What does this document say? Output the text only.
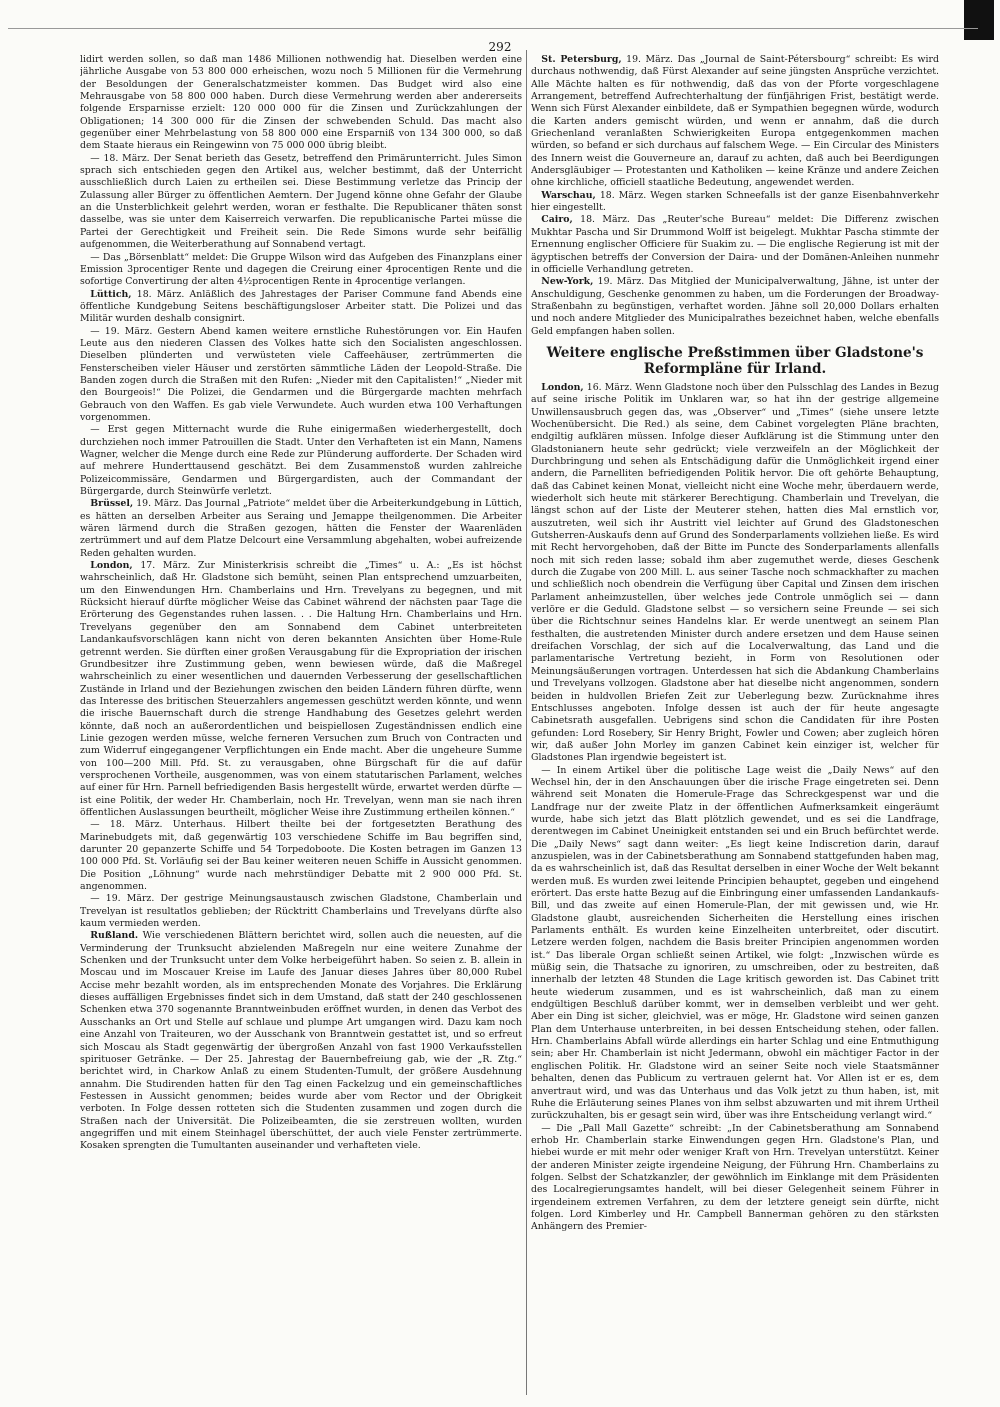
292

lidirt werden sollen, so daß man 1486 Millionen nothwendig hat. Dieselben werden eine jährliche Ausgabe von 53 800 000 erheischen, wozu noch 5 Millionen für die Vermehrung der Besoldungen der Generalschatzmeister kommen. Das Budget wird also eine Mehrausgabe von 58 800 000 haben. Durch diese Vermehrung werden aber andererseits folgende Ersparnisse erzielt: 120 000 000 für die Zinsen und Zurückzahlungen der Obligationen; 14 300 000 für die Zinsen der schwebenden Schuld. Das macht also gegenüber einer Mehrbelastung von 58 800 000 eine Ersparniß von 134 300 000, so daß dem Staate hieraus ein Reingewinn von 75 000 000 übrig bleibt.

— 18. März. Der Senat berieth das Gesetz, betreffend den Primärunterricht. Jules Simon sprach sich entschieden gegen den Artikel aus, welcher bestimmt, daß der Unterricht ausschließlich durch Laien zu ertheilen sei. Diese Bestimmung verletze das Princip der Zulassung aller Bürger zu öffentlichen Aemtern. Der Jugend könne ohne Gefahr der Glaube an die Unsterblichkeit gelehrt werden, woran er festhalte. Die Republicaner thäten sonst dasselbe, was sie unter dem Kaiserreich verwarfen. Die republicanische Partei müsse die Partei der Gerechtigkeit und Freiheit sein. Die Rede Simons wurde sehr beifällig aufgenommen, die Weiterberathung auf Sonnabend vertagt.

— Das „Börsenblatt“ meldet: Die Gruppe Wilson wird das Aufgeben des Finanzplans einer Emission 3procentiger Rente und dagegen die Creirung einer 4procentigen Rente und die sofortige Convertirung der alten 4½procentigen Rente in 4procentige verlangen.

Lüttich, 18. März. Anläßlich des Jahrestages der Pariser Commune fand Abends eine öffentliche Kundgebung Seitens beschäftigungsloser Arbeiter statt. Die Polizei und das Militär wurden deshalb consignirt.

— 19. März. Gestern Abend kamen weitere ernstliche Ruhestörungen vor. Ein Haufen Leute aus den niederen Classen des Volkes hatte sich den Socialisten angeschlossen. Dieselben plünderten und verwüsteten viele Caffeehäuser, zertrümmerten die Fensterscheiben vieler Häuser und zerstörten sämmtliche Läden der Leopold-Straße. Die Banden zogen durch die Straßen mit den Rufen: „Nieder mit den Capitalisten!“ „Nieder mit den Bourgeois!“ Die Polizei, die Gendarmen und die Bürgergarde machten mehrfach Gebrauch von den Waffen. Es gab viele Verwundete. Auch wurden etwa 100 Verhaftungen vorgenommen.

— Erst gegen Mitternacht wurde die Ruhe einigermaßen wiederhergestellt, doch durchziehen noch immer Patrouillen die Stadt. Unter den Verhafteten ist ein Mann, Namens Wagner, welcher die Menge durch eine Rede zur Plünderung aufforderte. Der Schaden wird auf mehrere Hunderttausend geschätzt. Bei dem Zusammenstoß wurden zahlreiche Polizeicommissäre, Gendarmen und Bürgergardisten, auch der Commandant der Bürgergarde, durch Steinwürfe verletzt.

Brüssel, 19. März. Das Journal „Patriote“ meldet über die Arbeiterkundgebung in Lüttich, es hätten an derselben Arbeiter aus Seraing und Jemappe theilgenommen. Die Arbeiter wären lärmend durch die Straßen gezogen, hätten die Fenster der Waarenläden zertrümmert und auf dem Platze Delcourt eine Versammlung abgehalten, wobei aufreizende Reden gehalten wurden.

London, 17. März. Zur Ministerkrisis schreibt die „Times“ u. A.: „Es ist höchst wahrscheinlich, daß Hr. Gladstone sich bemüht, seinen Plan entsprechend umzuarbeiten, um den Einwendungen Hrn. Chamberlains und Hrn. Trevelyans zu begegnen, und mit Rücksicht hierauf dürfte möglicher Weise das Cabinet während der nächsten paar Tage die Erörterung des Gegenstandes ruhen lassen. . . Die Haltung Hrn. Chamberlains und Hrn. Trevelyans gegenüber den am Sonnabend dem Cabinet unterbreiteten Landankaufsvorschlägen kann nicht von deren bekannten Ansichten über Home-Rule getrennt werden. Sie dürften einer großen Verausgabung für die Expropriation der irischen Grundbesitzer ihre Zustimmung geben, wenn bewiesen würde, daß die Maßregel wahrscheinlich zu einer wesentlichen und dauernden Verbesserung der gesellschaftlichen Zustände in Irland und der Beziehungen zwischen den beiden Ländern führen dürfte, wenn das Interesse des britischen Steuerzahlers angemessen geschützt werden könnte, und wenn die irische Bauernschaft durch die strenge Handhabung des Gesetzes gelehrt werden könnte, daß noch an außerordentlichen und beispiellosen Zugeständnissen endlich eine Linie gezogen werden müsse, welche ferneren Versuchen zum Bruch von Contracten und zum Widerruf eingegangener Verpflichtungen ein Ende macht. Aber die ungeheure Summe von 100—200 Mill. Pfd. St. zu verausgaben, ohne Bürgschaft für die auf dafür versprochenen Vortheile, ausgenommen, was von einem statutarischen Parlament, welches auf einer für Hrn. Parnell befriedigenden Basis hergestellt würde, erwartet werden dürfte — ist eine Politik, der weder Hr. Chamberlain, noch Hr. Trevelyan, wenn man sie nach ihren öffentlichen Auslassungen beurtheilt, möglicher Weise ihre Zustimmung ertheilen können.“

— 18. März. Unterhaus. Hilbert theilte bei der fortgesetzten Berathung des Marinebudgets mit, daß gegenwärtig 103 verschiedene Schiffe im Bau begriffen sind, darunter 20 gepanzerte Schiffe und 54 Torpedoboote. Die Kosten betragen im Ganzen 13 100 000 Pfd. St. Vorläufig sei der Bau keiner weiteren neuen Schiffe in Aussicht genommen. Die Position „Löhnung“ wurde nach mehrstündiger Debatte mit 2 900 000 Pfd. St. angenommen.

— 19. März. Der gestrige Meinungsaustausch zwischen Gladstone, Chamberlain und Trevelyan ist resultatlos geblieben; der Rücktritt Chamberlains und Trevelyans dürfte also kaum vermieden werden.

Rußland. Wie verschiedenen Blättern berichtet wird, sollen auch die neuesten, auf die Verminderung der Trunksucht abzielenden Maßregeln nur eine weitere Zunahme der Schenken und der Trunksucht unter dem Volke herbeigeführt haben. So seien z. B. allein in Moscau und im Moscauer Kreise im Laufe des Januar dieses Jahres über 80,000 Rubel Accise mehr bezahlt worden, als im entsprechenden Monate des Vorjahres. Die Erklärung dieses auffälligen Ergebnisses findet sich in dem Umstand, daß statt der 240 geschlossenen Schenken etwa 370 sogenannte Branntweinbuden eröffnet wurden, in denen das Verbot des Ausschanks an Ort und Stelle auf schlaue und plumpe Art umgangen wird. Dazu kam noch eine Anzahl von Traiteuren, wo der Ausschank von Branntwein gestattet ist, und so erfreut sich Moscau als Stadt gegenwärtig der übergroßen Anzahl von fast 1900 Verkaufsstellen spirituoser Getränke. — Der 25. Jahrestag der Bauernbefreiung gab, wie der „R. Ztg.“ berichtet wird, in Charkow Anlaß zu einem Studenten-Tumult, der größere Ausdehnung annahm. Die Studirenden hatten für den Tag einen Fackelzug und ein gemeinschaftliches Festessen in Aussicht genommen; beides wurde aber vom Rector und der Obrigkeit verboten. In Folge dessen rotteten sich die Studenten zusammen und zogen durch die Straßen nach der Universität. Die Polizeibeamten, die sie zerstreuen wollten, wurden angegriffen und mit einem Steinhagel überschüttet, der auch viele Fenster zertrümmerte. Kosaken sprengten die Tumultanten auseinander und verhafteten viele.

St. Petersburg, 19. März. Das „Journal de Saint-Pétersbourg“ schreibt: Es wird durchaus nothwendig, daß Fürst Alexander auf seine jüngsten Ansprüche verzichtet. Alle Mächte halten es für nothwendig, daß das von der Pforte vorgeschlagene Arrangement, betreffend Aufrechterhaltung der fünfjährigen Frist, bestätigt werde. Wenn sich Fürst Alexander einbildete, daß er Sympathien begegnen würde, wodurch die Karten anders gemischt würden, und wenn er annahm, daß die durch Griechenland veranlaßten Schwierigkeiten Europa entgegenkommen machen würden, so befand er sich durchaus auf falschem Wege. — Ein Circular des Ministers des Innern weist die Gouverneure an, darauf zu achten, daß auch bei Beerdigungen Andersgläubiger — Protestanten und Katholiken — keine Kränze und andere Zeichen ohne kirchliche, officiell staatliche Bedeutung, angewendet werden.

Warschau, 18. März. Wegen starken Schneefalls ist der ganze Eisenbahnverkehr hier eingestellt.

Cairo, 18. März. Das „Reuter'sche Bureau“ meldet: Die Differenz zwischen Mukhtar Pascha und Sir Drummond Wolff ist beigelegt. Mukhtar Pascha stimmte der Ernennung englischer Officiere für Suakim zu. — Die englische Regierung ist mit der ägyptischen betreffs der Conversion der Daira- und der Domänen-Anleihen nunmehr in officielle Verhandlung getreten.

New-York, 19. März. Das Mitglied der Municipalverwaltung, Jähne, ist unter der Anschuldigung, Geschenke genommen zu haben, um die Forderungen der Broadway-Straßenbahn zu begünstigen, verhaftet worden. Jähne soll 20,000 Dollars erhalten und noch andere Mitglieder des Municipalrathes bezeichnet haben, welche ebenfalls Geld empfangen haben sollen.

Weitere englische Preßstimmen über Gladstone's Reformpläne für Irland.

London, 16. März. Wenn Gladstone noch über den Pulsschlag des Landes in Bezug auf seine irische Politik im Unklaren war, so hat ihn der gestrige allgemeine Unwillensausbruch gegen das, was „Observer“ und „Times“ (siehe unsere letzte Wochenübersicht. Die Red.) als seine, dem Cabinet vorgelegten Pläne brachten, endgiltig aufklären müssen. Infolge dieser Aufklärung ist die Stimmung unter den Gladstonianern heute sehr gedrückt; viele verzweifeln an der Möglichkeit der Durchbringung und sehen als Entschädigung dafür die Unmöglichkeit irgend einer andern, die Parnelliten befriedigenden Politik hervor. Die oft gehörte Behauptung, daß das Cabinet keinen Monat, vielleicht nicht eine Woche mehr, überdauern werde, wiederholt sich heute mit stärkerer Berechtigung. Chamberlain und Trevelyan, die längst schon auf der Liste der Meuterer stehen, hatten dies Mal ernstlich vor, auszutreten, weil sich ihr Austritt viel leichter auf Grund des Gladstoneschen Gutsherren-Auskaufs denn auf Grund des Sonderparlaments vollziehen ließe. Es wird mit Recht hervorgehoben, daß der Bitte im Puncte des Sonderparlaments allenfalls noch mit sich reden lasse; sobald ihm aber zugemuthet werde, dieses Geschenk durch die Zugabe von 200 Mill. L. aus seiner Tasche noch schmackhafter zu machen und schließlich noch obendrein die Verfügung über Capital und Zinsen dem irischen Parlament anheimzustellen, über welches jede Controle unmöglich sei — dann verlöre er die Geduld. Gladstone selbst — so versichern seine Freunde — sei sich über die Richtschnur seines Handelns klar. Er werde unentwegt an seinem Plan festhalten, die austretenden Minister durch andere ersetzen und dem Hause seinen dreifachen Vorschlag, der sich auf die Localverwaltung, das Land und die parlamentarische Vertretung bezieht, in Form von Resolutionen oder Meinungsäußerungen vortragen. Unterdessen hat sich die Abdankung Chamberlains und Trevelyans vollzogen. Gladstone aber hat dieselbe nicht angenommen, sondern beiden in huldvollen Briefen Zeit zur Ueberlegung bezw. Zurücknahme ihres Entschlusses angeboten. Infolge dessen ist auch der für heute angesagte Cabinetsrath ausgefallen. Uebrigens sind schon die Candidaten für ihre Posten gefunden: Lord Rosebery, Sir Henry Bright, Fowler und Cowen; aber zugleich hören wir, daß außer John Morley im ganzen Cabinet kein einziger ist, welcher für Gladstones Plan irgendwie begeistert ist.

— In einem Artikel über die politische Lage weist die „Daily News“ auf den Wechsel hin, der in den Anschauungen über die irische Frage eingetreten sei. Denn während seit Monaten die Homerule-Frage das Schreckgespenst war und die Landfrage nur der zweite Platz in der öffentlichen Aufmerksamkeit eingeräumt wurde, habe sich jetzt das Blatt plötzlich gewendet, und es sei die Landfrage, derentwegen im Cabinet Uneinigkeit entstanden sei und ein Bruch befürchtet werde. Die „Daily News“ sagt dann weiter: „Es liegt keine Indiscretion darin, darauf anzuspielen, was in der Cabinetsberathung am Sonnabend stattgefunden haben mag, da es wahrscheinlich ist, daß das Resultat derselben in einer Woche der Welt bekannt werden muß. Es wurden zwei leitende Principien behauptet, gegeben und eingehend erörtert. Das erste hatte Bezug auf die Einbringung einer umfassenden Landankaufs-Bill, und das zweite auf einen Homerule-Plan, der mit gewissen und, wie Hr. Gladstone glaubt, ausreichenden Sicherheiten die Herstellung eines irischen Parlaments enthält. Es wurden keine Einzelheiten unterbreitet, oder discutirt. Letzere werden folgen, nachdem die Basis breiter Principien angenommen worden ist.“ Das liberale Organ schließt seinen Artikel, wie folgt: „Inzwischen würde es müßig sein, die Thatsache zu ignoriren, zu umschreiben, oder zu bestreiten, daß innerhalb der letzten 48 Stunden die Lage kritisch geworden ist. Das Cabinet tritt heute wiederum zusammen, und es ist wahrscheinlich, daß man zu einem endgültigen Beschluß darüber kommt, wer in demselben verbleibt und wer geht. Aber ein Ding ist sicher, gleichviel, was er möge, Hr. Gladstone wird seinen ganzen Plan dem Unterhause unterbreiten, in bei dessen Entscheidung stehen, oder fallen. Hrn. Chamberlains Abfall würde allerdings ein harter Schlag und eine Entmuthigung sein; aber Hr. Chamberlain ist nicht Jedermann, obwohl ein mächtiger Factor in der englischen Politik. Hr. Gladstone wird an seiner Seite noch viele Staatsmänner behalten, denen das Publicum zu vertrauen gelernt hat. Vor Allen ist er es, dem anvertraut wird, und was das Unterhaus und das Volk jetzt zu thun haben, ist, mit Ruhe die Erläuterung seines Planes von ihm selbst abzuwarten und mit ihrem Urtheil zurückzuhalten, bis er gesagt sein wird, über was ihre Entscheidung verlangt wird.“

— Die „Pall Mall Gazette“ schreibt: „In der Cabinetsberathung am Sonnabend erhob Hr. Chamberlain starke Einwendungen gegen Hrn. Gladstone's Plan, und hiebei wurde er mit mehr oder weniger Kraft von Hrn. Trevelyan unterstützt. Keiner der anderen Minister zeigte irgendeine Neigung, der Führung Hrn. Chamberlains zu folgen. Selbst der Schatzkanzler, der gewöhnlich im Einklange mit dem Präsidenten des Localregierungsamtes handelt, will bei dieser Gelegenheit seinem Führer in irgendeinem extremen Verfahren, zu dem der letztere geneigt sein dürfte, nicht folgen. Lord Kimberley und Hr. Campbell Bannerman gehören zu den stärksten Anhängern des Premier-
